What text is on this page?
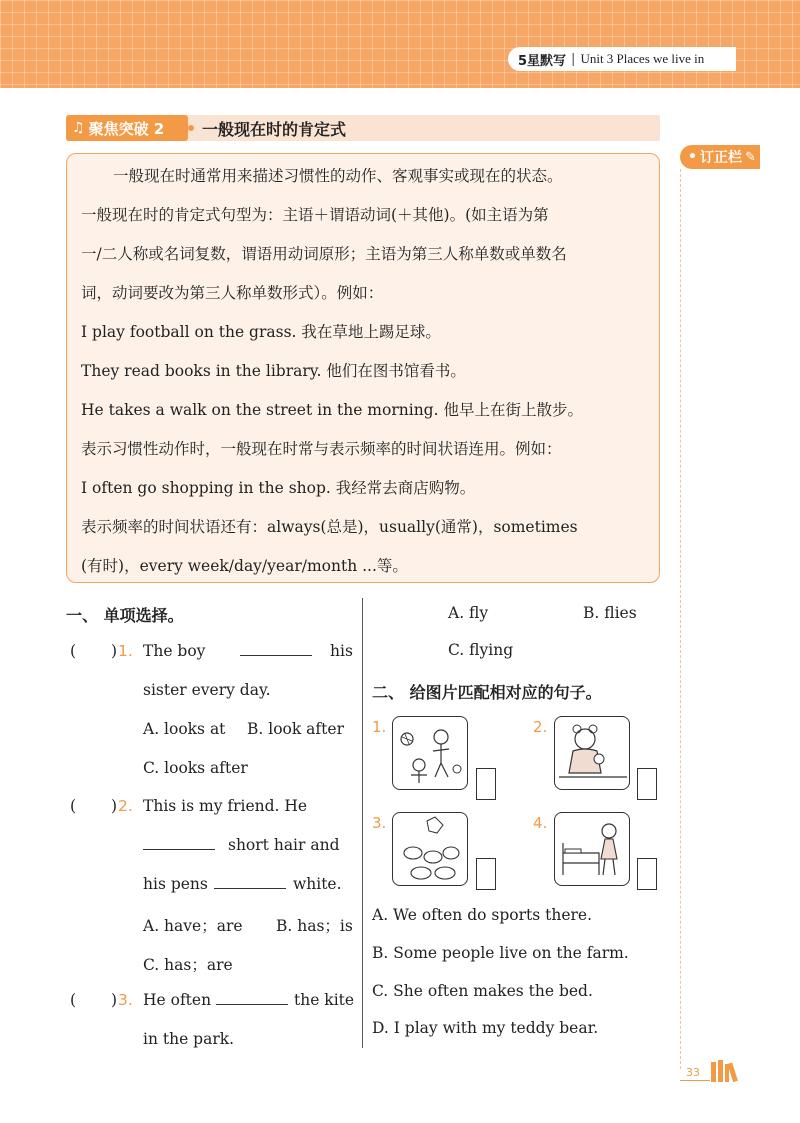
5星默写 | Unit 3 Places we live in
♫ 聚焦突破 2 一般现在时的肯定式
• 订正栏 ✎
一般现在时通常用来描述习惯性的动作、客观事实或现在的状态。
一般现在时的肯定式句型为：主语＋谓语动词(＋其他)。(如主语为第
一/二人称或名词复数，谓语用动词原形；主语为第三人称单数或单数名
词，动词要改为第三人称单数形式）。例如：
I play football on the grass. 我在草地上踢足球。
They read books in the library. 他们在图书馆看书。
He takes a walk on the street in the morning. 他早上在街上散步。
表示习惯性动作时，一般现在时常与表示频率的时间状语连用。例如：
I often go shopping in the shop. 我经常去商店购物。
表示频率的时间状语还有：always(总是)，usually(通常)，sometimes
(有时)，every week/day/year/month ...等。
一、 单项选择。
( ) 1. The boy	his
sister every day.
A. looks at B. look after
C. looks after
( ) 2. This is my friend. He
short hair and
his pens	white.
A. have；are B. has；is
C. has；are
( ) 3. He often	the kite
in the park.
A. fly	B. flies
C. flying
二、 给图片匹配相对应的句子。
1.	2.
3.	4.
A. We often do sports there.
B. Some people live on the farm.
C. She often makes the bed.
D. I play with my teddy bear.
33
